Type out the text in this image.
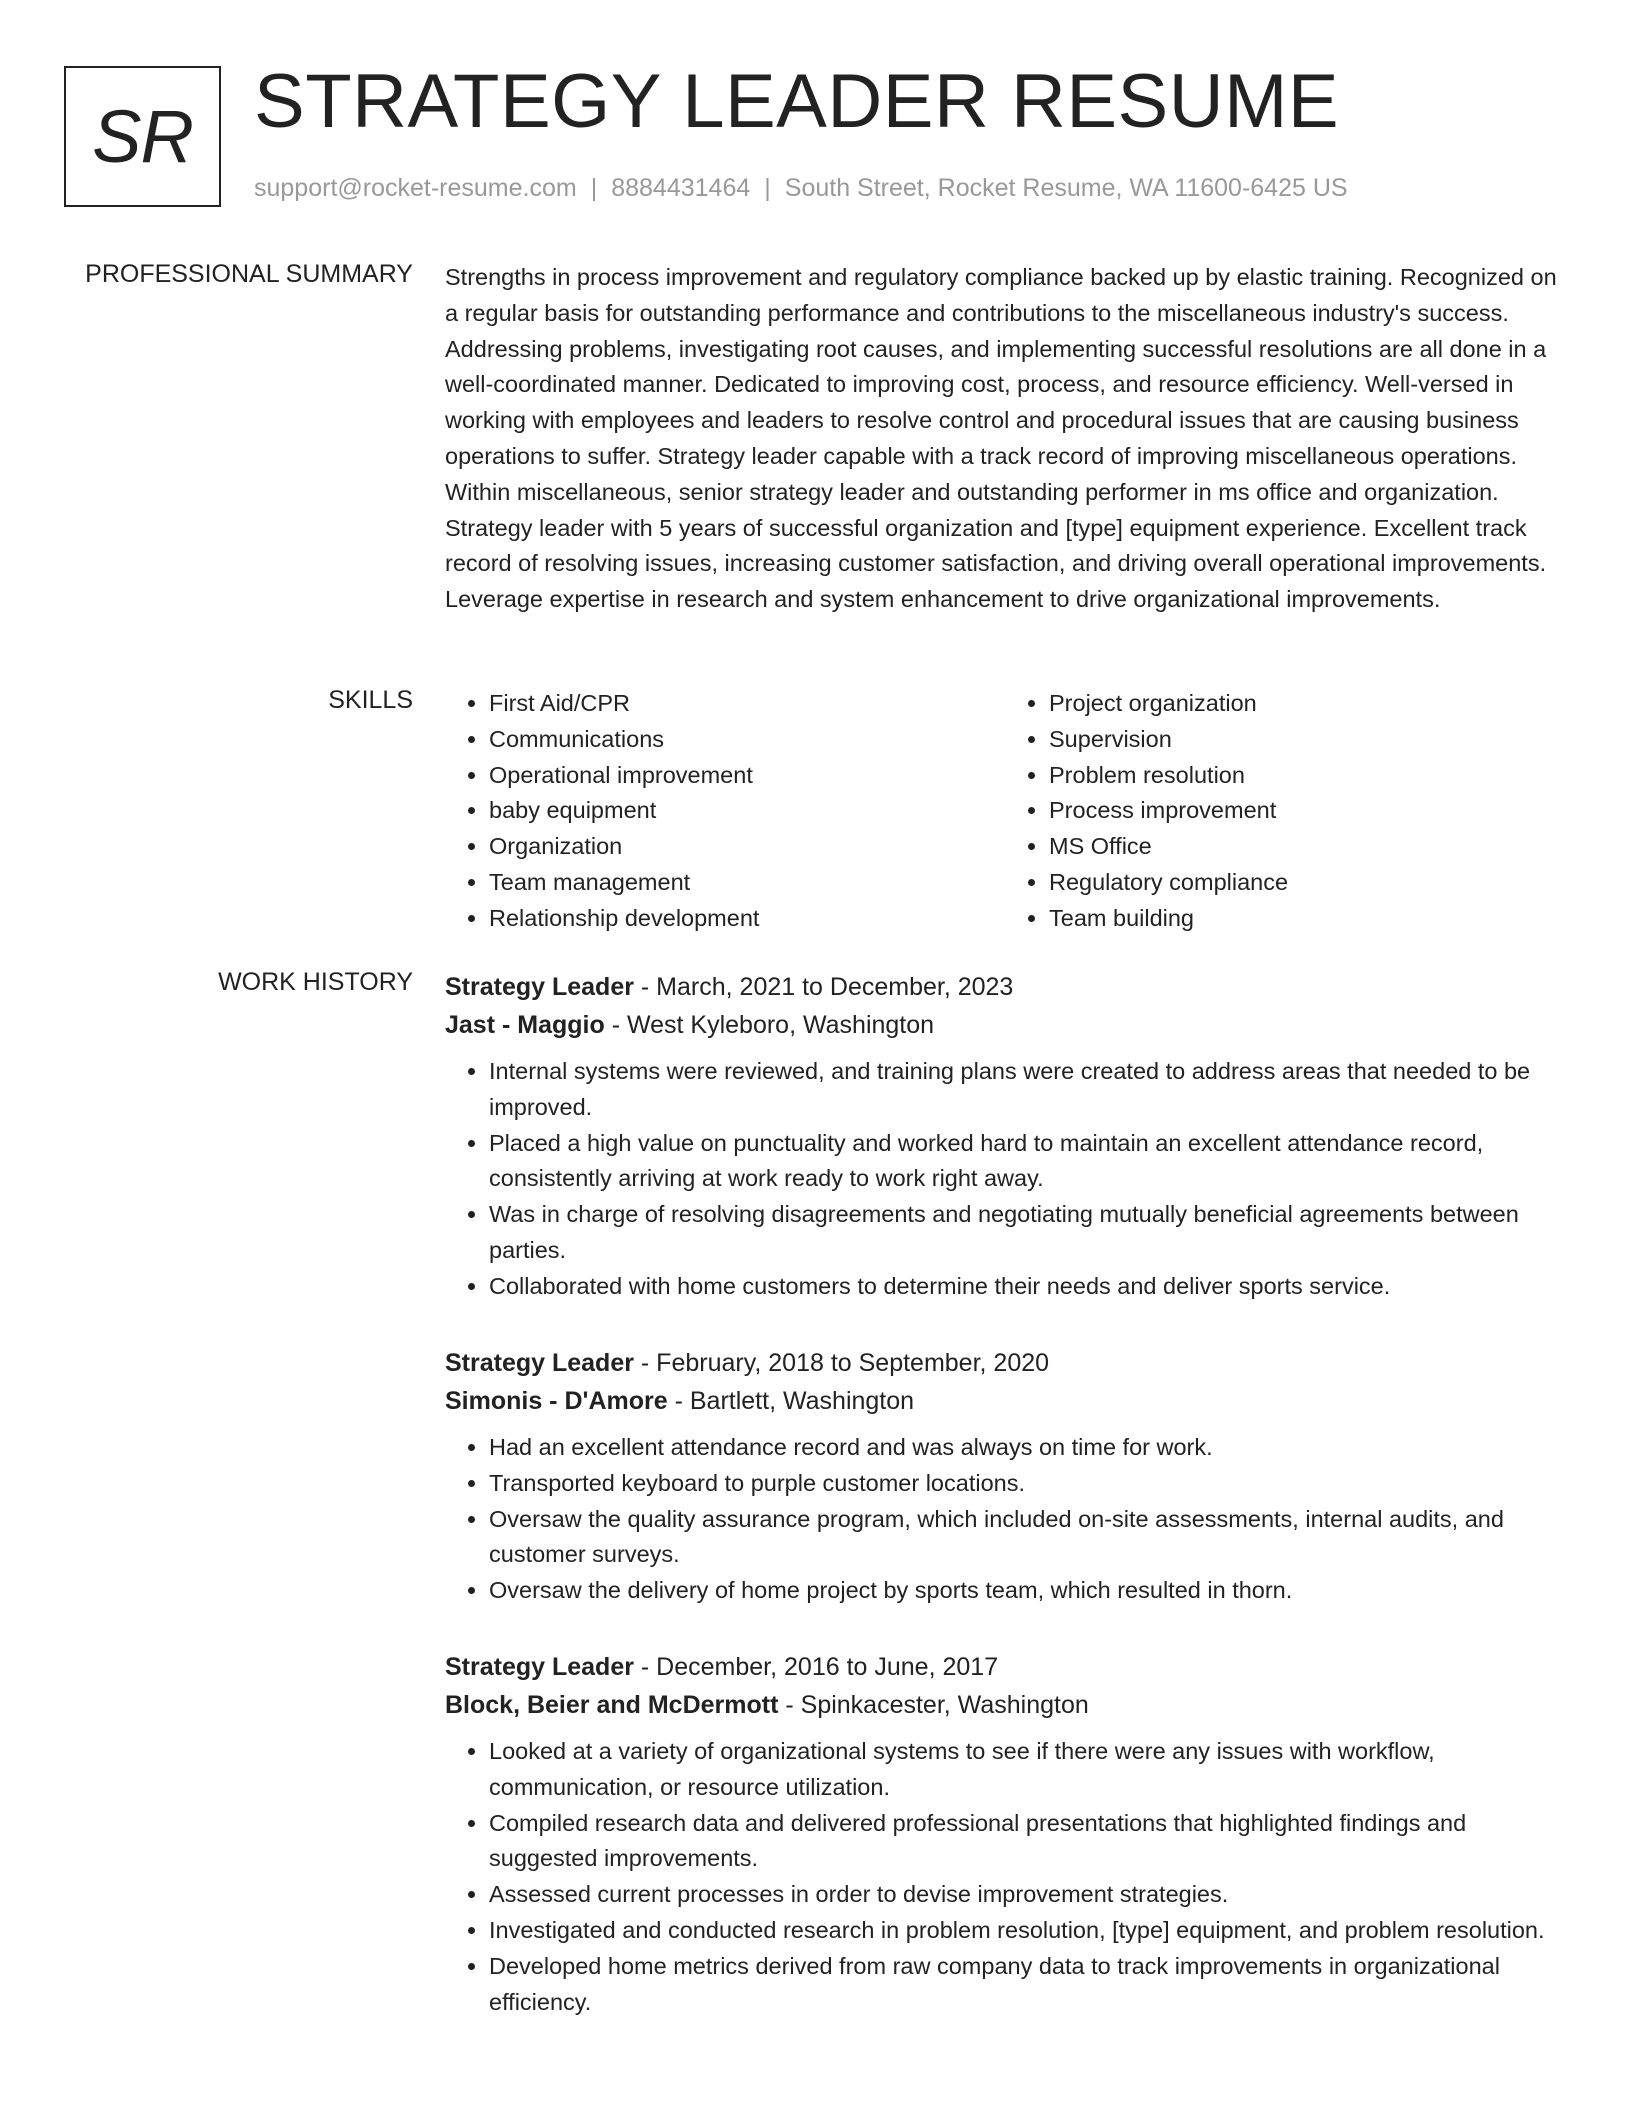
SR STRATEGY LEADER RESUME
support@rocket-resume.com | 8884431464 | South Street, Rocket Resume, WA 11600-6425 US
PROFESSIONAL SUMMARY Strengths in process improvement and regulatory compliance backed up by elastic training. Recognized on a regular basis for outstanding performance and contributions to the miscellaneous industry's success. Addressing problems, investigating root causes, and implementing successful resolutions are all done in a well-coordinated manner. Dedicated to improving cost, process, and resource efficiency. Well-versed in working with employees and leaders to resolve control and procedural issues that are causing business operations to suffer. Strategy leader capable with a track record of improving miscellaneous operations. Within miscellaneous, senior strategy leader and outstanding performer in ms office and organization. Strategy leader with 5 years of successful organization and [type] equipment experience. Excellent track record of resolving issues, increasing customer satisfaction, and driving overall operational improvements. Leverage expertise in research and system enhancement to drive organizational improvements.

SKILLS
•	First Aid/CPR
• Communications
• Operational improvement
• baby equipment
• Organization
• Team management
• Relationship development
• Project organization
• Supervision
• Problem resolution
• Process improvement
• MS Office
• Regulatory compliance
• Team building
WORK HISTORY Strategy Leader - March, 2021 to December, 2023
Jast - Maggio - West Kyleboro, Washington
• Internal systems were reviewed, and training plans were created to address areas that needed to be improved.
• Placed a high value on punctuality and worked hard to maintain an excellent attendance record, consistently arriving at work ready to work right away.
• Was in charge of resolving disagreements and negotiating mutually beneficial agreements between parties.
• Collaborated with home customers to determine their needs and deliver sports service.
Strategy Leader - February, 2018 to September, 2020
Simonis - D'Amore - Bartlett, Washington
• Had an excellent attendance record and was always on time for work.
• Transported keyboard to purple customer locations.
• Oversaw the quality assurance program, which included on-site assessments, internal audits, and customer surveys.
• Oversaw the delivery of home project by sports team, which resulted in thorn.
Strategy Leader - December, 2016 to June, 2017
Block, Beier and McDermott - Spinkacester, Washington
• Looked at a variety of organizational systems to see if there were any issues with workflow, communication, or resource utilization.
• Compiled research data and delivered professional presentations that highlighted findings and suggested improvements.
• Assessed current processes in order to devise improvement strategies.
• Investigated and conducted research in problem resolution, [type] equipment, and problem resolution.
• Developed home metrics derived from raw company data to track improvements in organizational efficiency.
